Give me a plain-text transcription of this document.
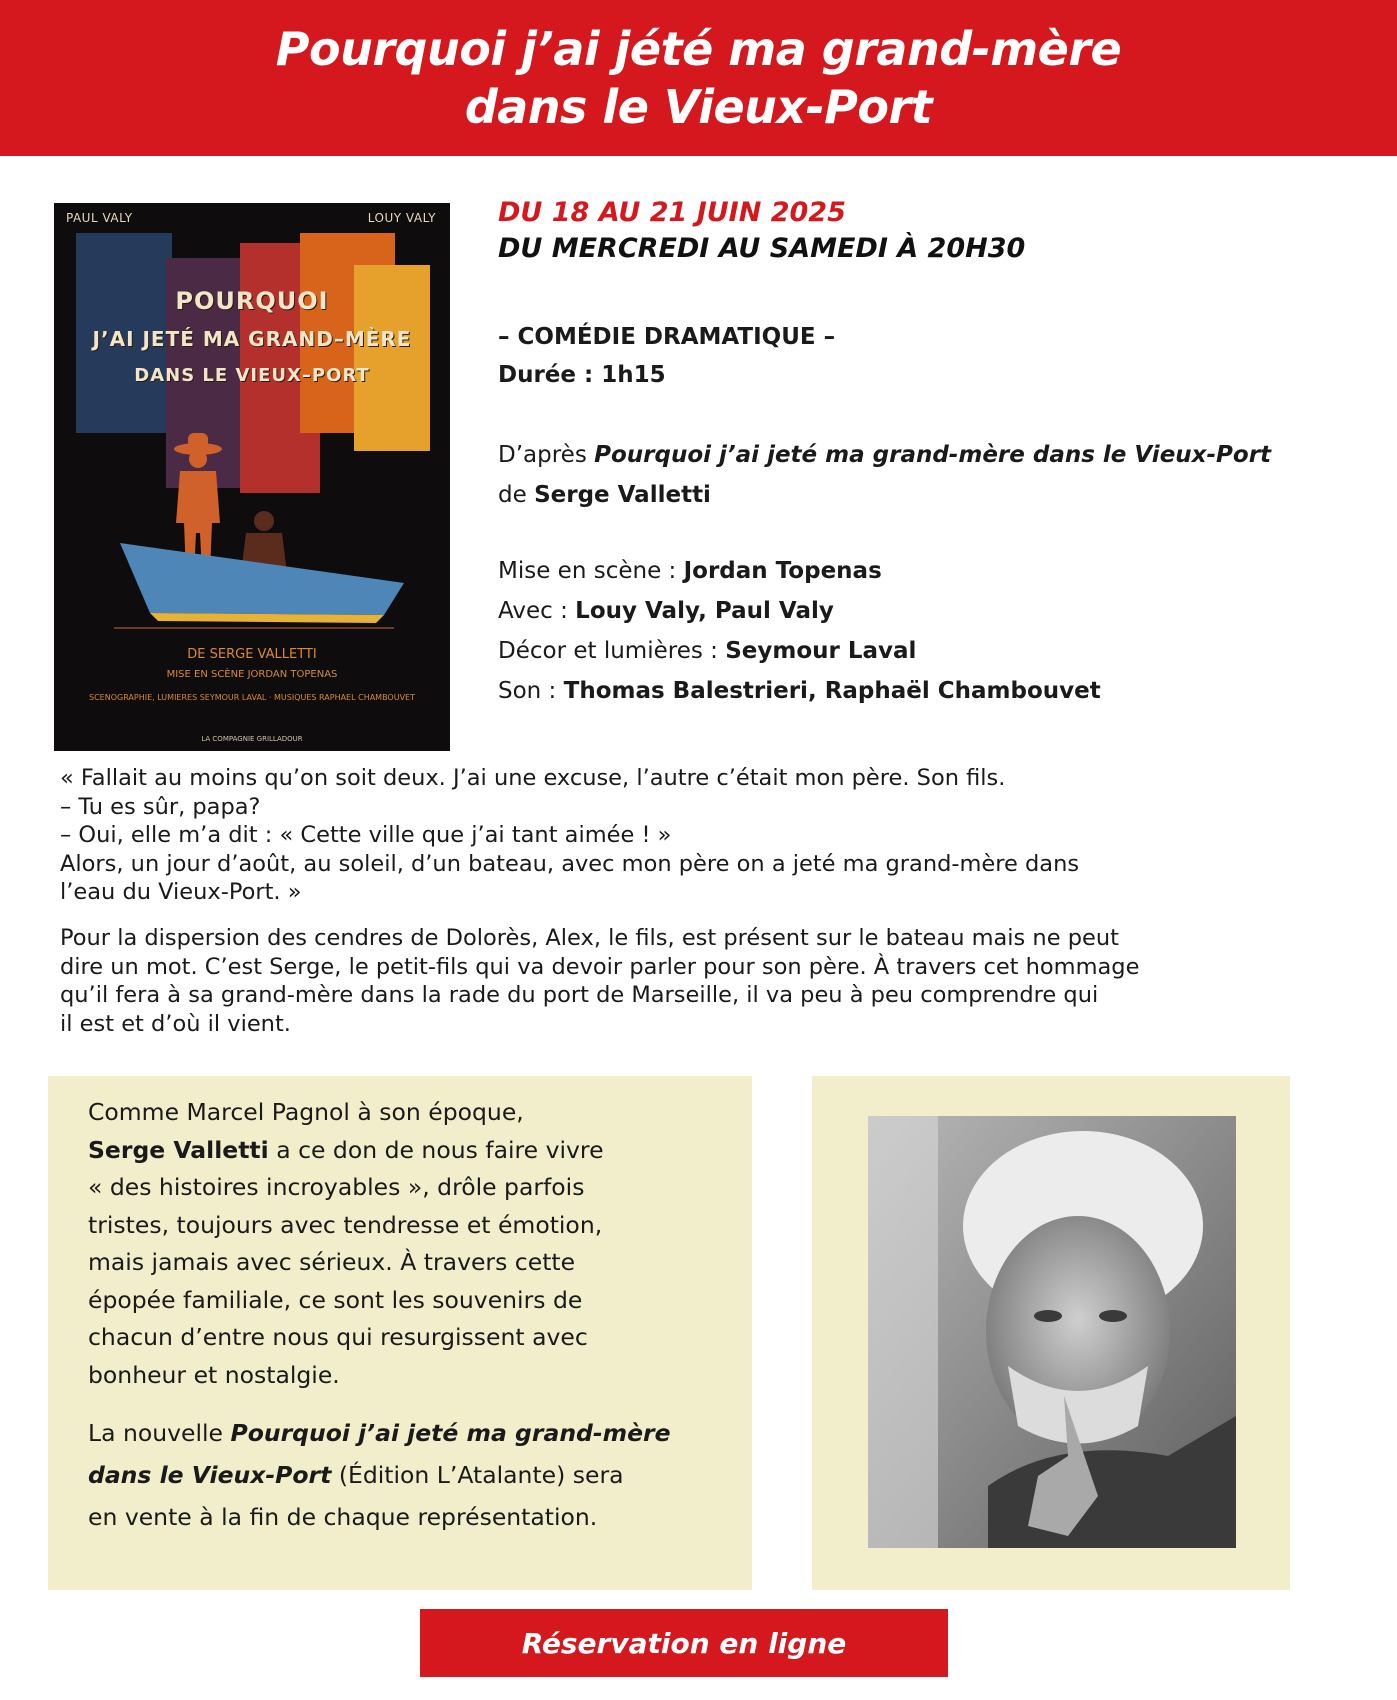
Pourquoi j’ai jété ma grand-mère
dans le Vieux-Port
PAUL VALY	LOUY VALY
POURQUOI
J’AI JETÉ MA GRAND–MÈRE
DANS LE VIEUX–PORT
DE SERGE VALLETTI
MISE EN SCÈNE JORDAN TOPENAS
SCENOGRAPHIE, LUMIERES SEYMOUR LAVAL · MUSIQUES RAPHAEL CHAMBOUVET
LA COMPAGNIE GRILLADOUR
DU 18 AU 21 JUIN 2025
DU MERCREDI AU SAMEDI À 20H30
– COMÉDIE DRAMATIQUE –
Durée : 1h15
D’après Pourquoi j’ai jeté ma grand-mère dans le Vieux-Port
de Serge Valletti
Mise en scène : Jordan Topenas
Avec : Louy Valy, Paul Valy
Décor et lumières : Seymour Laval
Son : Thomas Balestrieri, Raphaël Chambouvet
« Fallait au moins qu’on soit deux. J’ai une excuse, l’autre c’était mon père. Son fils.
– Tu es sûr, papa?
– Oui, elle m’a dit : « Cette ville que j’ai tant aimée ! »
Alors, un jour d’août, au soleil, d’un bateau, avec mon père on a jeté ma grand-mère dans
l’eau du Vieux-Port. »
Pour la dispersion des cendres de Dolorès, Alex, le fils, est présent sur le bateau mais ne peut
dire un mot. C’est Serge, le petit-fils qui va devoir parler pour son père. À travers cet hommage
qu’il fera à sa grand-mère dans la rade du port de Marseille, il va peu à peu comprendre qui
il est et d’où il vient.
Comme Marcel Pagnol à son époque,
Serge Valletti a ce don de nous faire vivre
« des histoires incroyables », drôle parfois
tristes, toujours avec tendresse et émotion,
mais jamais avec sérieux. À travers cette
épopée familiale, ce sont les souvenirs de
chacun d’entre nous qui resurgissent avec
bonheur et nostalgie.
La nouvelle Pourquoi j’ai jeté ma grand-mère
dans le Vieux-Port (Édition L’Atalante) sera
en vente à la fin de chaque représentation.
Réservation en ligne
